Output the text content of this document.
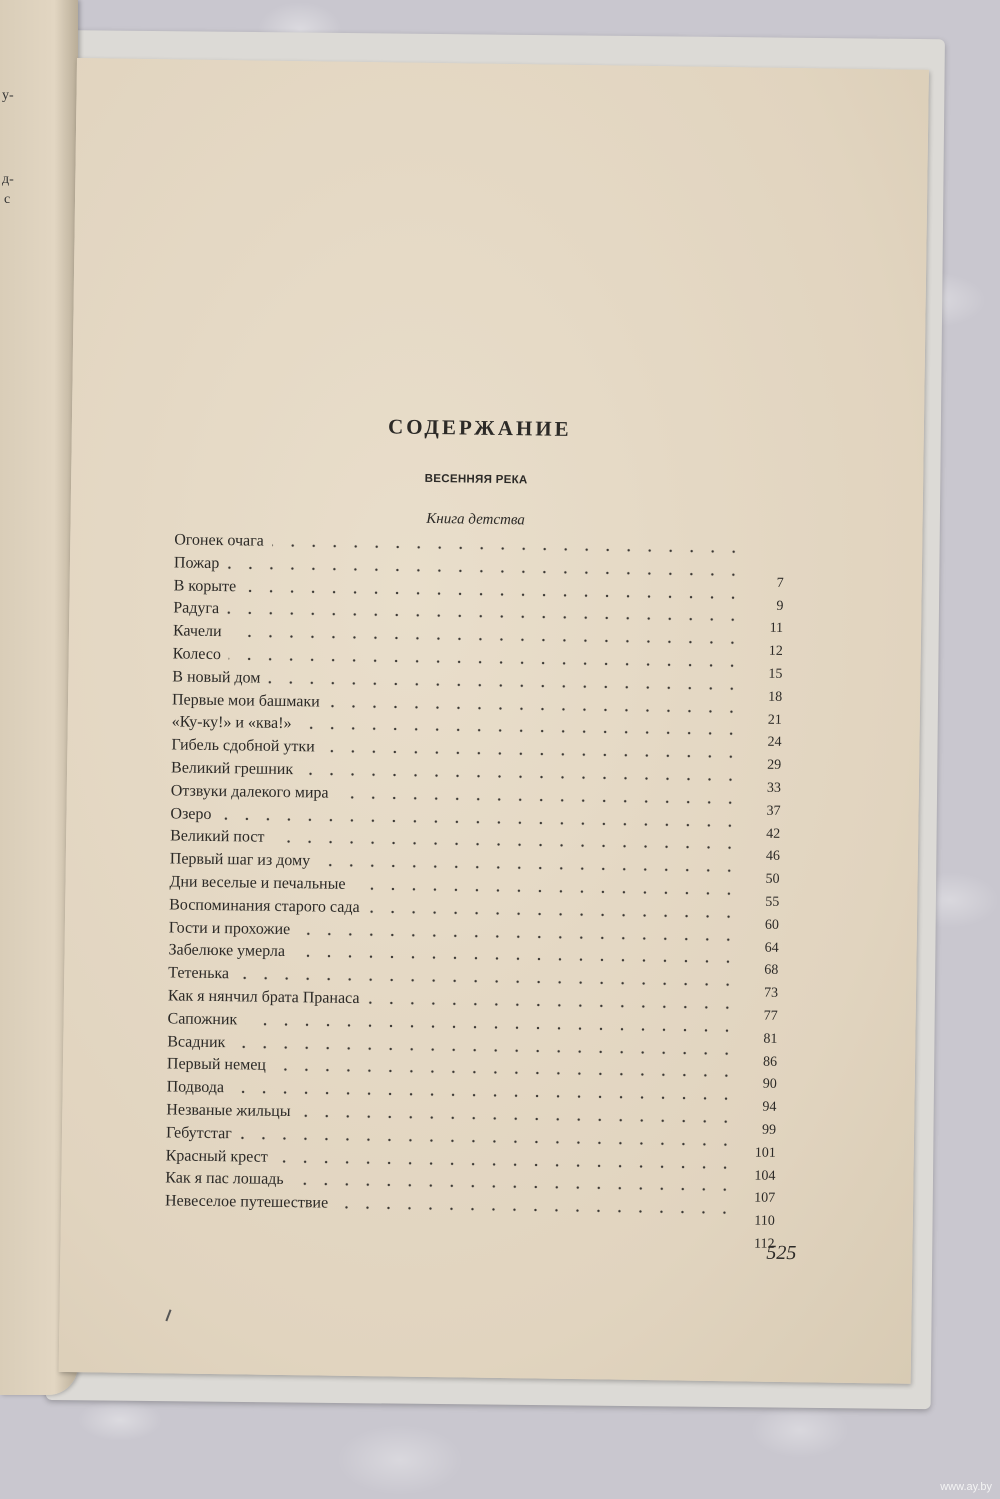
у-
д-
с
СОДЕРЖАНИЕ
ВЕСЕННЯЯ РЕКА
Книга детства
Огонек очага
Пожар
7
В корыте
9
Радуга
11
Качели
12
Колесо
15
В новый дом
18
Первые мои башмаки
21
«Ку-ку!» и «ква!»
24
Гибель сдобной утки
29
Великий грешник
33
Отзвуки далекого мира
37
Озеро
42
Великий пост
46
Первый шаг из дому
50
Дни веселые и печальные
55
Воспоминания старого сада
60
Гости и прохожие
64
Забелюке умерла
68
Тетенька
73
Как я нянчил брата Пранаса
77
Сапожник
81
Всадник
86
Первый немец
90
Подвода
94
Незваные жильцы
99
Гебутстаг
101
Красный крест
104
Как я пас лошадь
107
Невеселое путешествие
110
112
525
www.ay.by
